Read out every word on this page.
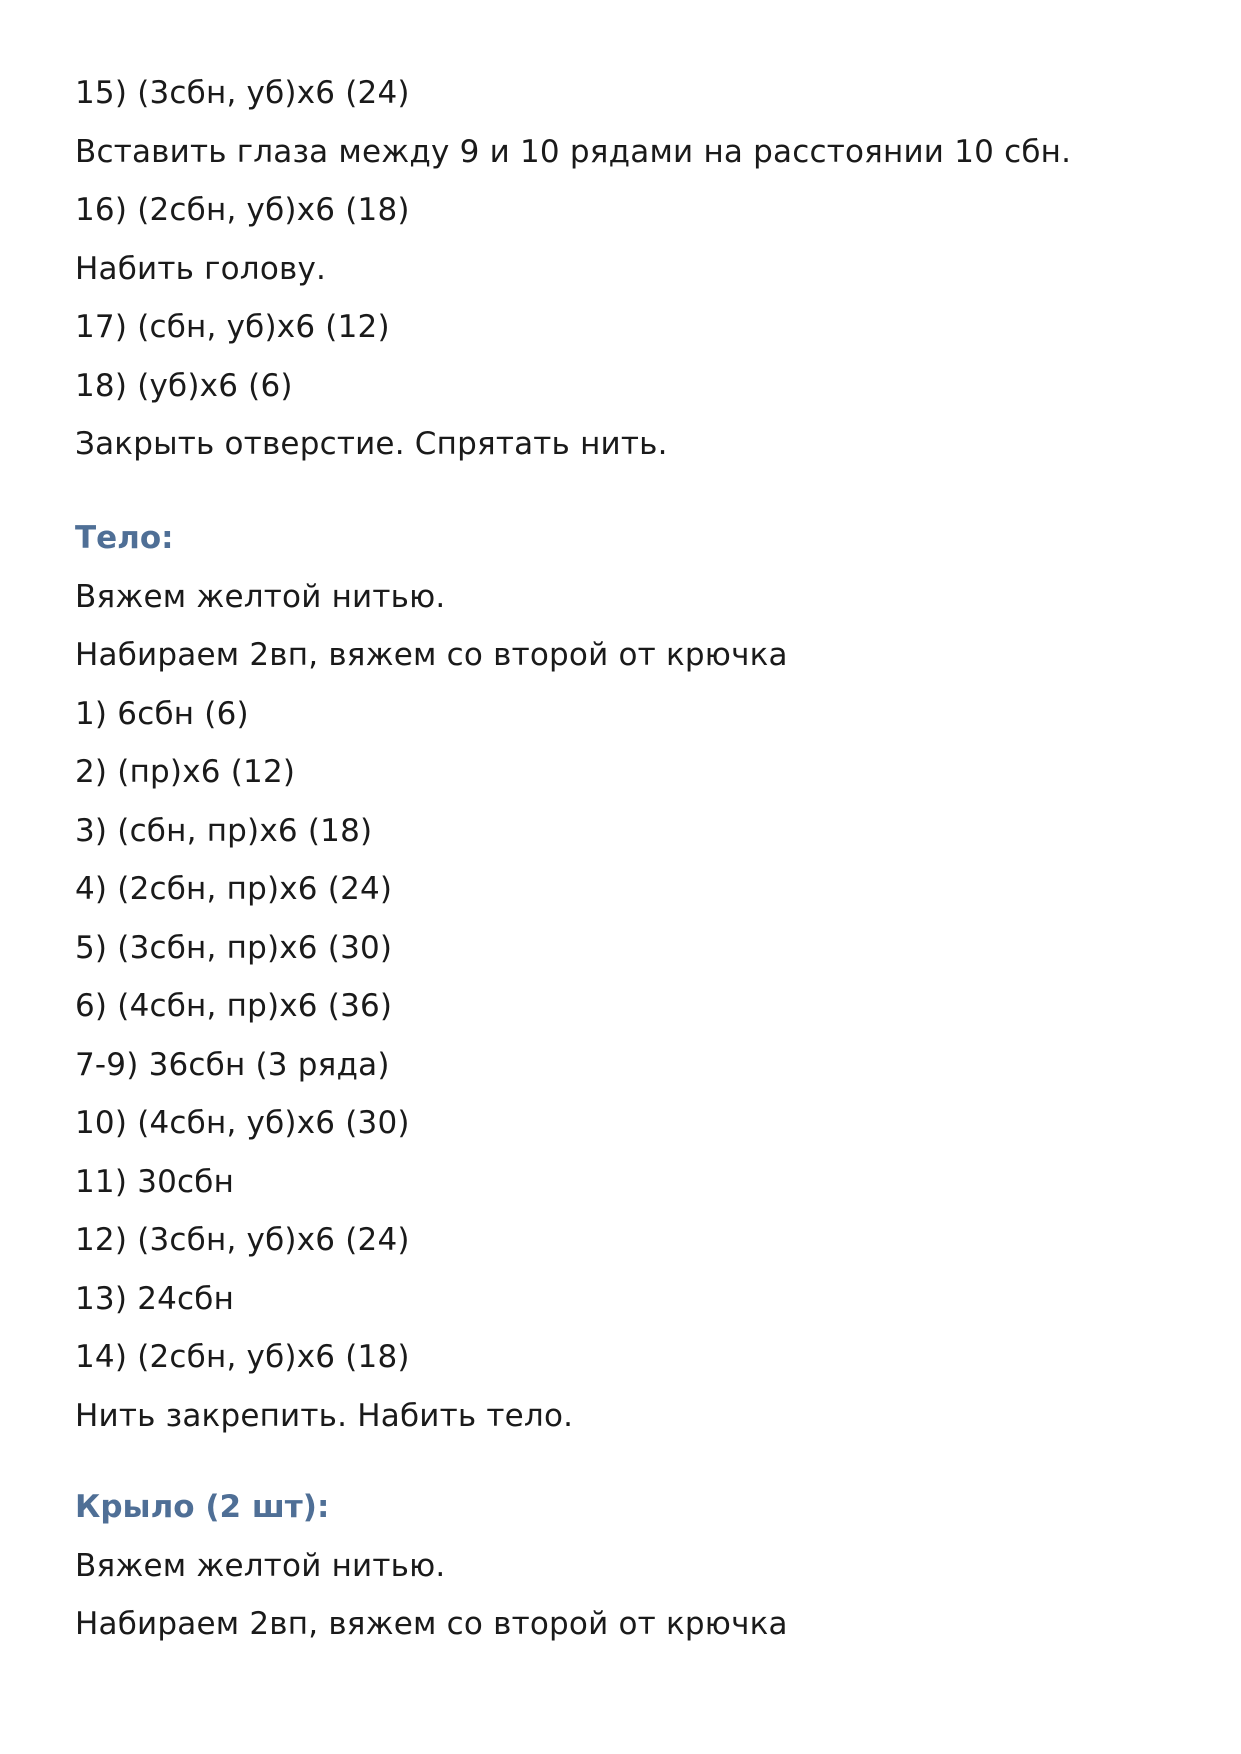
15) (3сбн, уб)х6 (24)
Вставить глаза между 9 и 10 рядами на расстоянии 10 сбн.
16) (2сбн, уб)х6 (18)
Набить голову.
17) (сбн, уб)х6 (12)
18) (уб)х6 (6)
Закрыть отверстие. Спрятать нить.
Тело:
Вяжем желтой нитью.
Набираем 2вп, вяжем со второй от крючка
1) 6сбн (6)
2) (пр)х6 (12)
3) (сбн, пр)х6 (18)
4) (2сбн, пр)х6 (24)
5) (3сбн, пр)х6 (30)
6) (4сбн, пр)х6 (36)
7-9) 36сбн (3 ряда)
10) (4сбн, уб)х6 (30)
11) 30сбн
12) (3сбн, уб)х6 (24)
13) 24сбн
14) (2сбн, уб)х6 (18)
Нить закрепить. Набить тело.
Крыло (2 шт):
Вяжем желтой нитью.
Набираем 2вп, вяжем со второй от крючка
